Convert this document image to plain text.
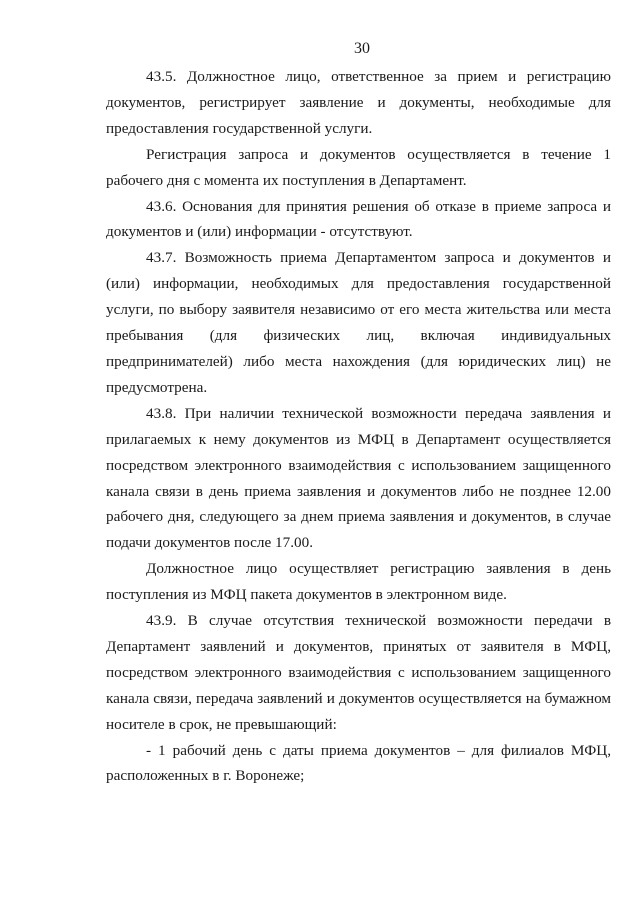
30

43.5. Должностное лицо, ответственное за прием и регистрацию документов, регистрирует заявление и документы, необходимые для предоставления государственной услуги.

Регистрация запроса и документов осуществляется в течение 1 рабочего дня с момента их поступления в Департамент.

43.6. Основания для принятия решения об отказе в приеме запроса и документов и (или) информации - отсутствуют.

43.7. Возможность приема Департаментом запроса и документов и (или) информации, необходимых для предоставления государственной услуги, по выбору заявителя независимо от его места жительства или места пребывания (для физических лиц, включая индивидуальных предпринимателей) либо места нахождения (для юридических лиц) не предусмотрена.

43.8. При наличии технической возможности передача заявления и прилагаемых к нему документов из МФЦ в Департамент осуществляется посредством электронного взаимодействия с использованием защищенного канала связи в день приема заявления и документов либо не позднее 12.00 рабочего дня, следующего за днем приема заявления и документов, в случае подачи документов после 17.00.

Должностное лицо осуществляет регистрацию заявления в день поступления из МФЦ пакета документов в электронном виде.

43.9. В случае отсутствия технической возможности передачи в Департамент заявлений и документов, принятых от заявителя в МФЦ, посредством электронного взаимодействия с использованием защищенного канала связи, передача заявлений и документов осуществляется на бумажном носителе в срок, не превышающий:

- 1 рабочий день с даты приема документов – для филиалов МФЦ, расположенных в г. Воронеже;
